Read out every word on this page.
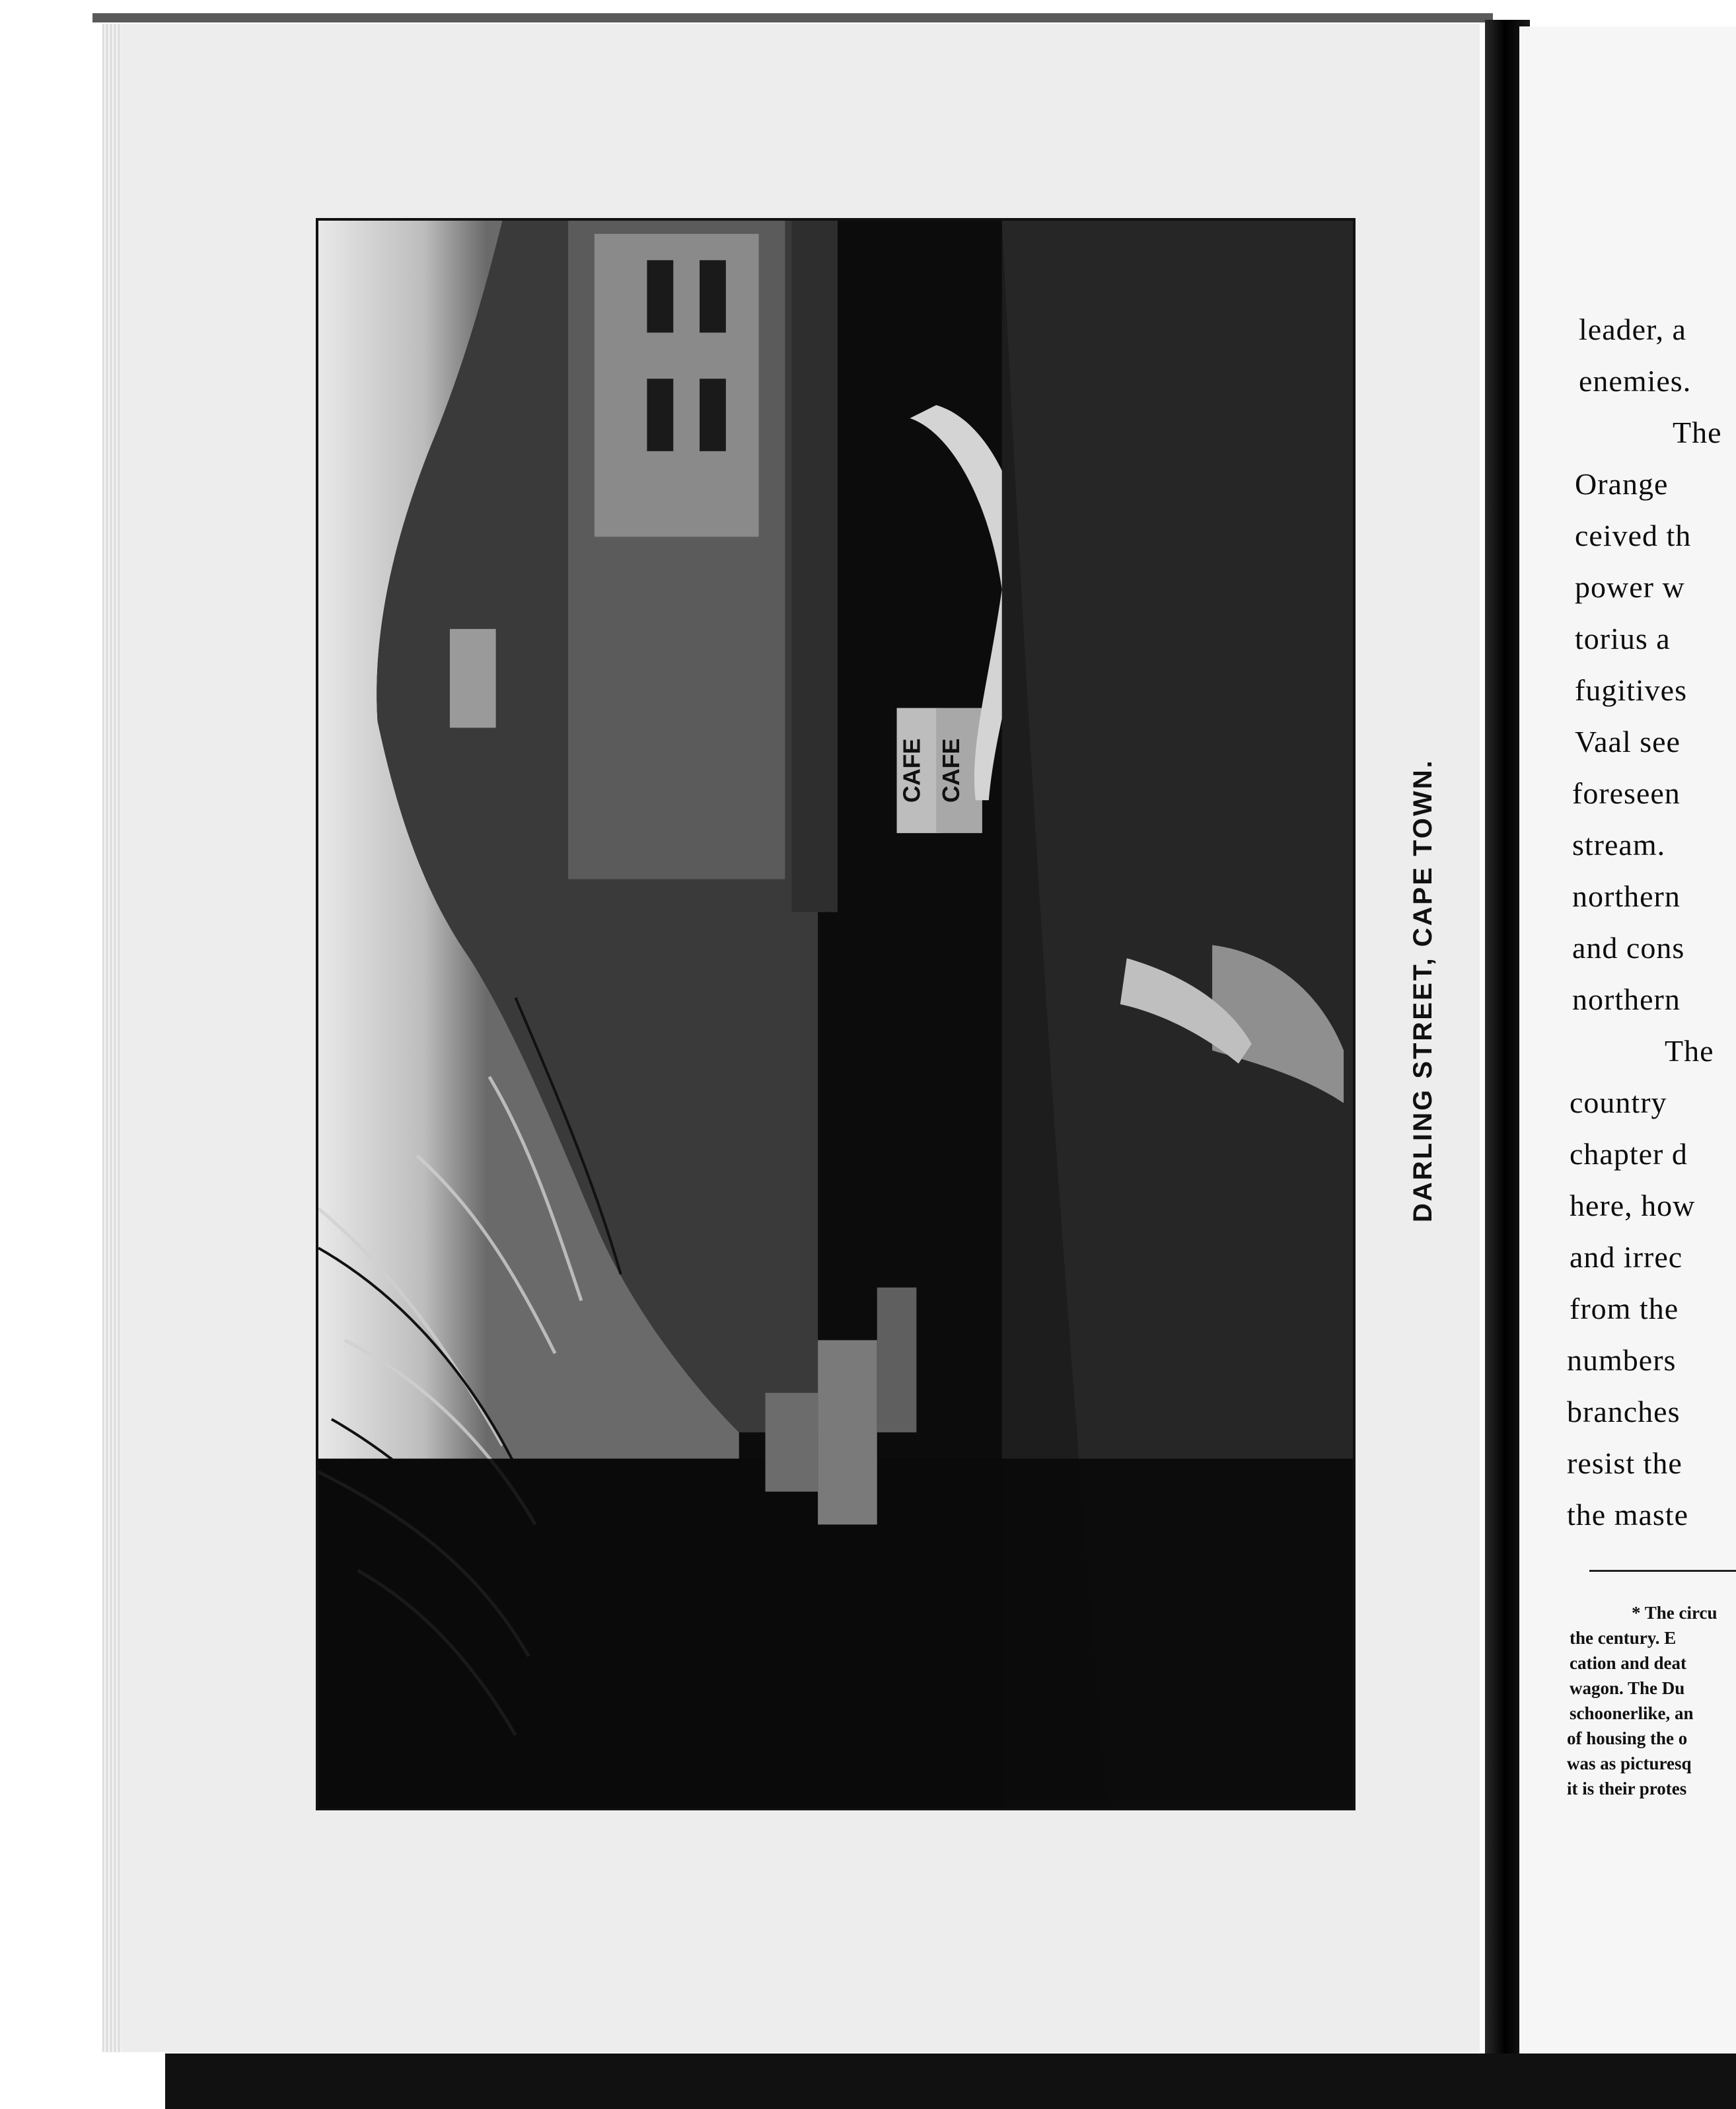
CAFE CAFE	DARLING STREET, CAPE TOWN.
leader, a
enemies.
The
Orange
ceived th
power w
torius a
fugitives
Vaal see
foreseen
stream.
northern
and cons
northern
The
country
chapter d
here, how
and irrec
from the
numbers
branches
resist the
the maste
* The circu
the century. E
cation and deat
wagon. The Du
schoonerlike, an
of housing the o
was as picturesq
it is their protes
